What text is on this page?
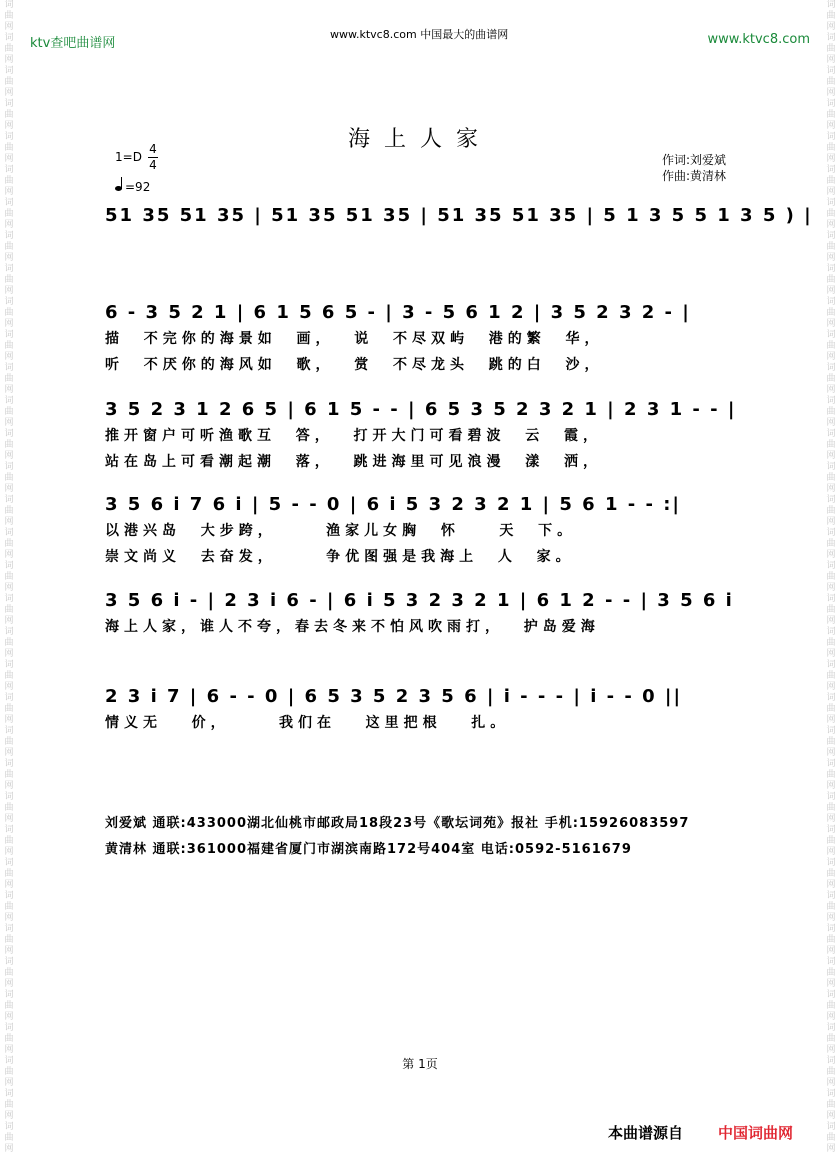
词
曲
网
词
曲
网
词
曲
网
词
曲
网
词
曲
网
词
曲
网
词
曲
网
词
曲
网
词
曲
网
词
曲
网
词
曲
网
词
曲
网
词
曲
网
词
曲
网
词
曲
网
词
曲
网
词
曲
网
词
曲
网
词
曲
网
词
曲
网
词
曲
网
词
曲
网
词
曲
网
词
曲
网
词
曲
网
词
曲
网
词
曲
网
词
曲
网
词
曲
网
词
曲
网
词
曲
网
词
曲
网
词
曲
网
词
曲
网
词
曲
网
词
曲
网
词
曲
网
词
曲
网
词
曲
网
词
曲
网
词
曲
网
词
曲
网
词
曲
网
词
曲
网
词
曲
网
词
曲
网
词
曲
网
词
曲
网
词
曲
网
词
曲
网
词
曲
网
词
曲
网
词
曲
网
词
曲
网
词
曲
网
词
曲
网
词
曲
网
词
曲
网
词
曲
网
词
曲
网
词
曲
网
词
曲
网
词
曲
网
词
曲
网
词
曲
网
词
曲
网
词
曲
网
词
曲
网
词
曲
网
词
曲
网
ktv查吧曲谱网
www.ktvc8.com 中国最大的曲谱网	www.ktvc8.com
海上人家
1=D
4
4
=92
作词:刘爱斌
作曲:黄清林
51 35 51 35 | 51 35 51 35 | 51 35 51 35 | 5 1 3 5 5 1 3 5 ) |
6 - 3 5 2 1 | 6 1 5 6 5 - | 3 - 5 6 1 2 | 3 5 2 3 2 - |
描  不完你的海景如  画，  说  不尽双屿  港的繁  华，
听  不厌你的海风如  歌，  赏  不尽龙头  跳的白  沙，
3 5 2 3 1 2 6 5 | 6 1 5 - - | 6 5 3 5 2 3 2 1 | 2 3 1 - - |
推开窗户可听渔歌互  答，  打开大门可看碧波  云  霞，
站在岛上可看潮起潮  落，  跳进海里可见浪漫  漾  洒，
3 5 6 i 7 6 i | 5 - - 0 | 6 i 5 3 2 3 2 1 | 5 6 1 - - :|
以港兴岛  大步跨，     渔家儿女胸  怀    天  下。
崇文尚义  去奋发，     争优图强是我海上  人  家。
3 5 6 i - | 2 3 i 6 - | 6 i 5 3 2 3 2 1 | 6 1 2 - - | 3 5 6 i
海上人家，谁人不夸，春去冬来不怕风吹雨打，  护岛爱海
2 3 i 7 | 6 - - 0 | 6 5 3 5 2 3 5 6 | i - - - | i - - 0 ||
情义无   价，     我们在   这里把根   扎。
刘爱斌 通联:433000湖北仙桃市邮政局18段23号《歌坛词苑》报社 手机:15926083597
黄清林 通联:361000福建省厦门市湖滨南路172号404室 电话:0592-5161679
第 1页
本曲谱源自 中国词曲网
